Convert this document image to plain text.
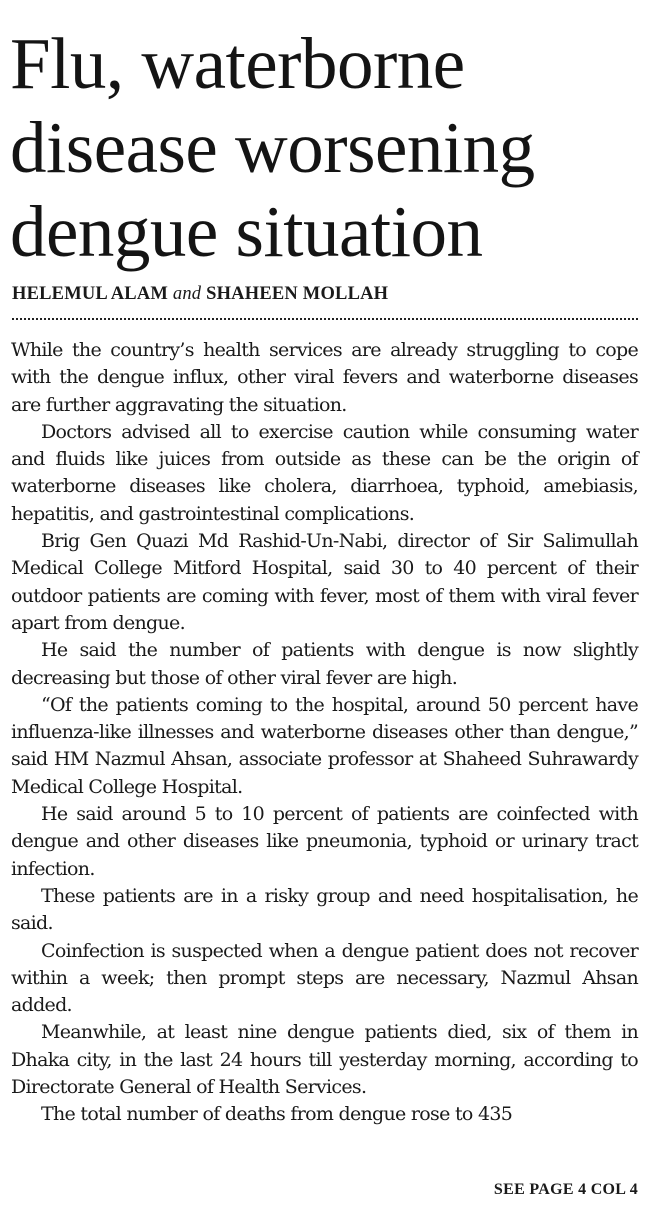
Flu, waterborne disease worsening dengue situation
HELEMUL ALAM and SHAHEEN MOLLAH

While the country’s health services are already struggling to cope with the dengue influx, other viral fevers and waterborne diseases are further aggravating the situation.

Doctors advised all to exercise caution while consuming water and fluids like juices from outside as these can be the origin of waterborne diseases like cholera, diarrhoea, typhoid, amebiasis, hepatitis, and gastrointestinal complications.

Brig Gen Quazi Md Rashid-Un-Nabi, director of Sir Salimullah Medical College Mitford Hospital, said 30 to 40 percent of their outdoor patients are coming with fever, most of them with viral fever apart from dengue.

He said the number of patients with dengue is now slightly decreasing but those of other viral fever are high.

“Of the patients coming to the hospital, around 50 percent have influenza-like illnesses and waterborne diseases other than dengue,” said HM Nazmul Ahsan, associate professor at Shaheed Suhrawardy Medical College Hospital.

He said around 5 to 10 percent of patients are coinfected with dengue and other diseases like pneumonia, typhoid or urinary tract infection.

These patients are in a risky group and need hospitalisation, he said.

Coinfection is suspected when a dengue patient does not recover within a week; then prompt steps are necessary, Nazmul Ahsan added.

Meanwhile, at least nine dengue patients died, six of them in Dhaka city, in the last 24 hours till yesterday morning, according to Directorate General of Health Services.

The total number of deaths from dengue rose to 435

SEE PAGE 4 COL 4
